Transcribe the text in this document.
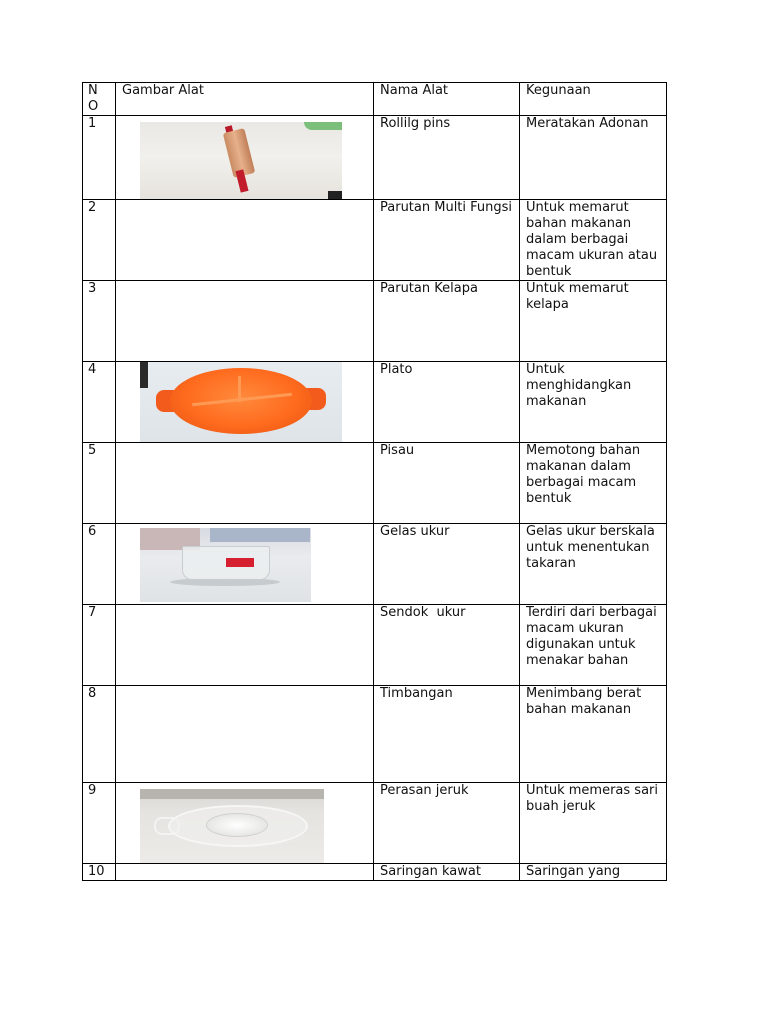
N O	Gambar Alat	Nama Alat	Kegunaan
1		Rollilg pins	Meratakan Adonan
2		Parutan Multi Fungsi	Untuk memarut bahan makanan dalam berbagai macam ukuran atau bentuk
3		Parutan Kelapa	Untuk memarut kelapa
4		Plato	Untuk menghidangkan makanan
5		Pisau	Memotong bahan makanan dalam berbagai macam bentuk
6		Gelas ukur	Gelas ukur berskala untuk menentukan takaran
7		Sendok  ukur	Terdiri dari berbagai macam ukuran digunakan untuk menakar bahan
8		Timbangan	Menimbang berat bahan makanan
9		Perasan jeruk	Untuk memeras sari buah jeruk
10		Saringan kawat	Saringan yang
